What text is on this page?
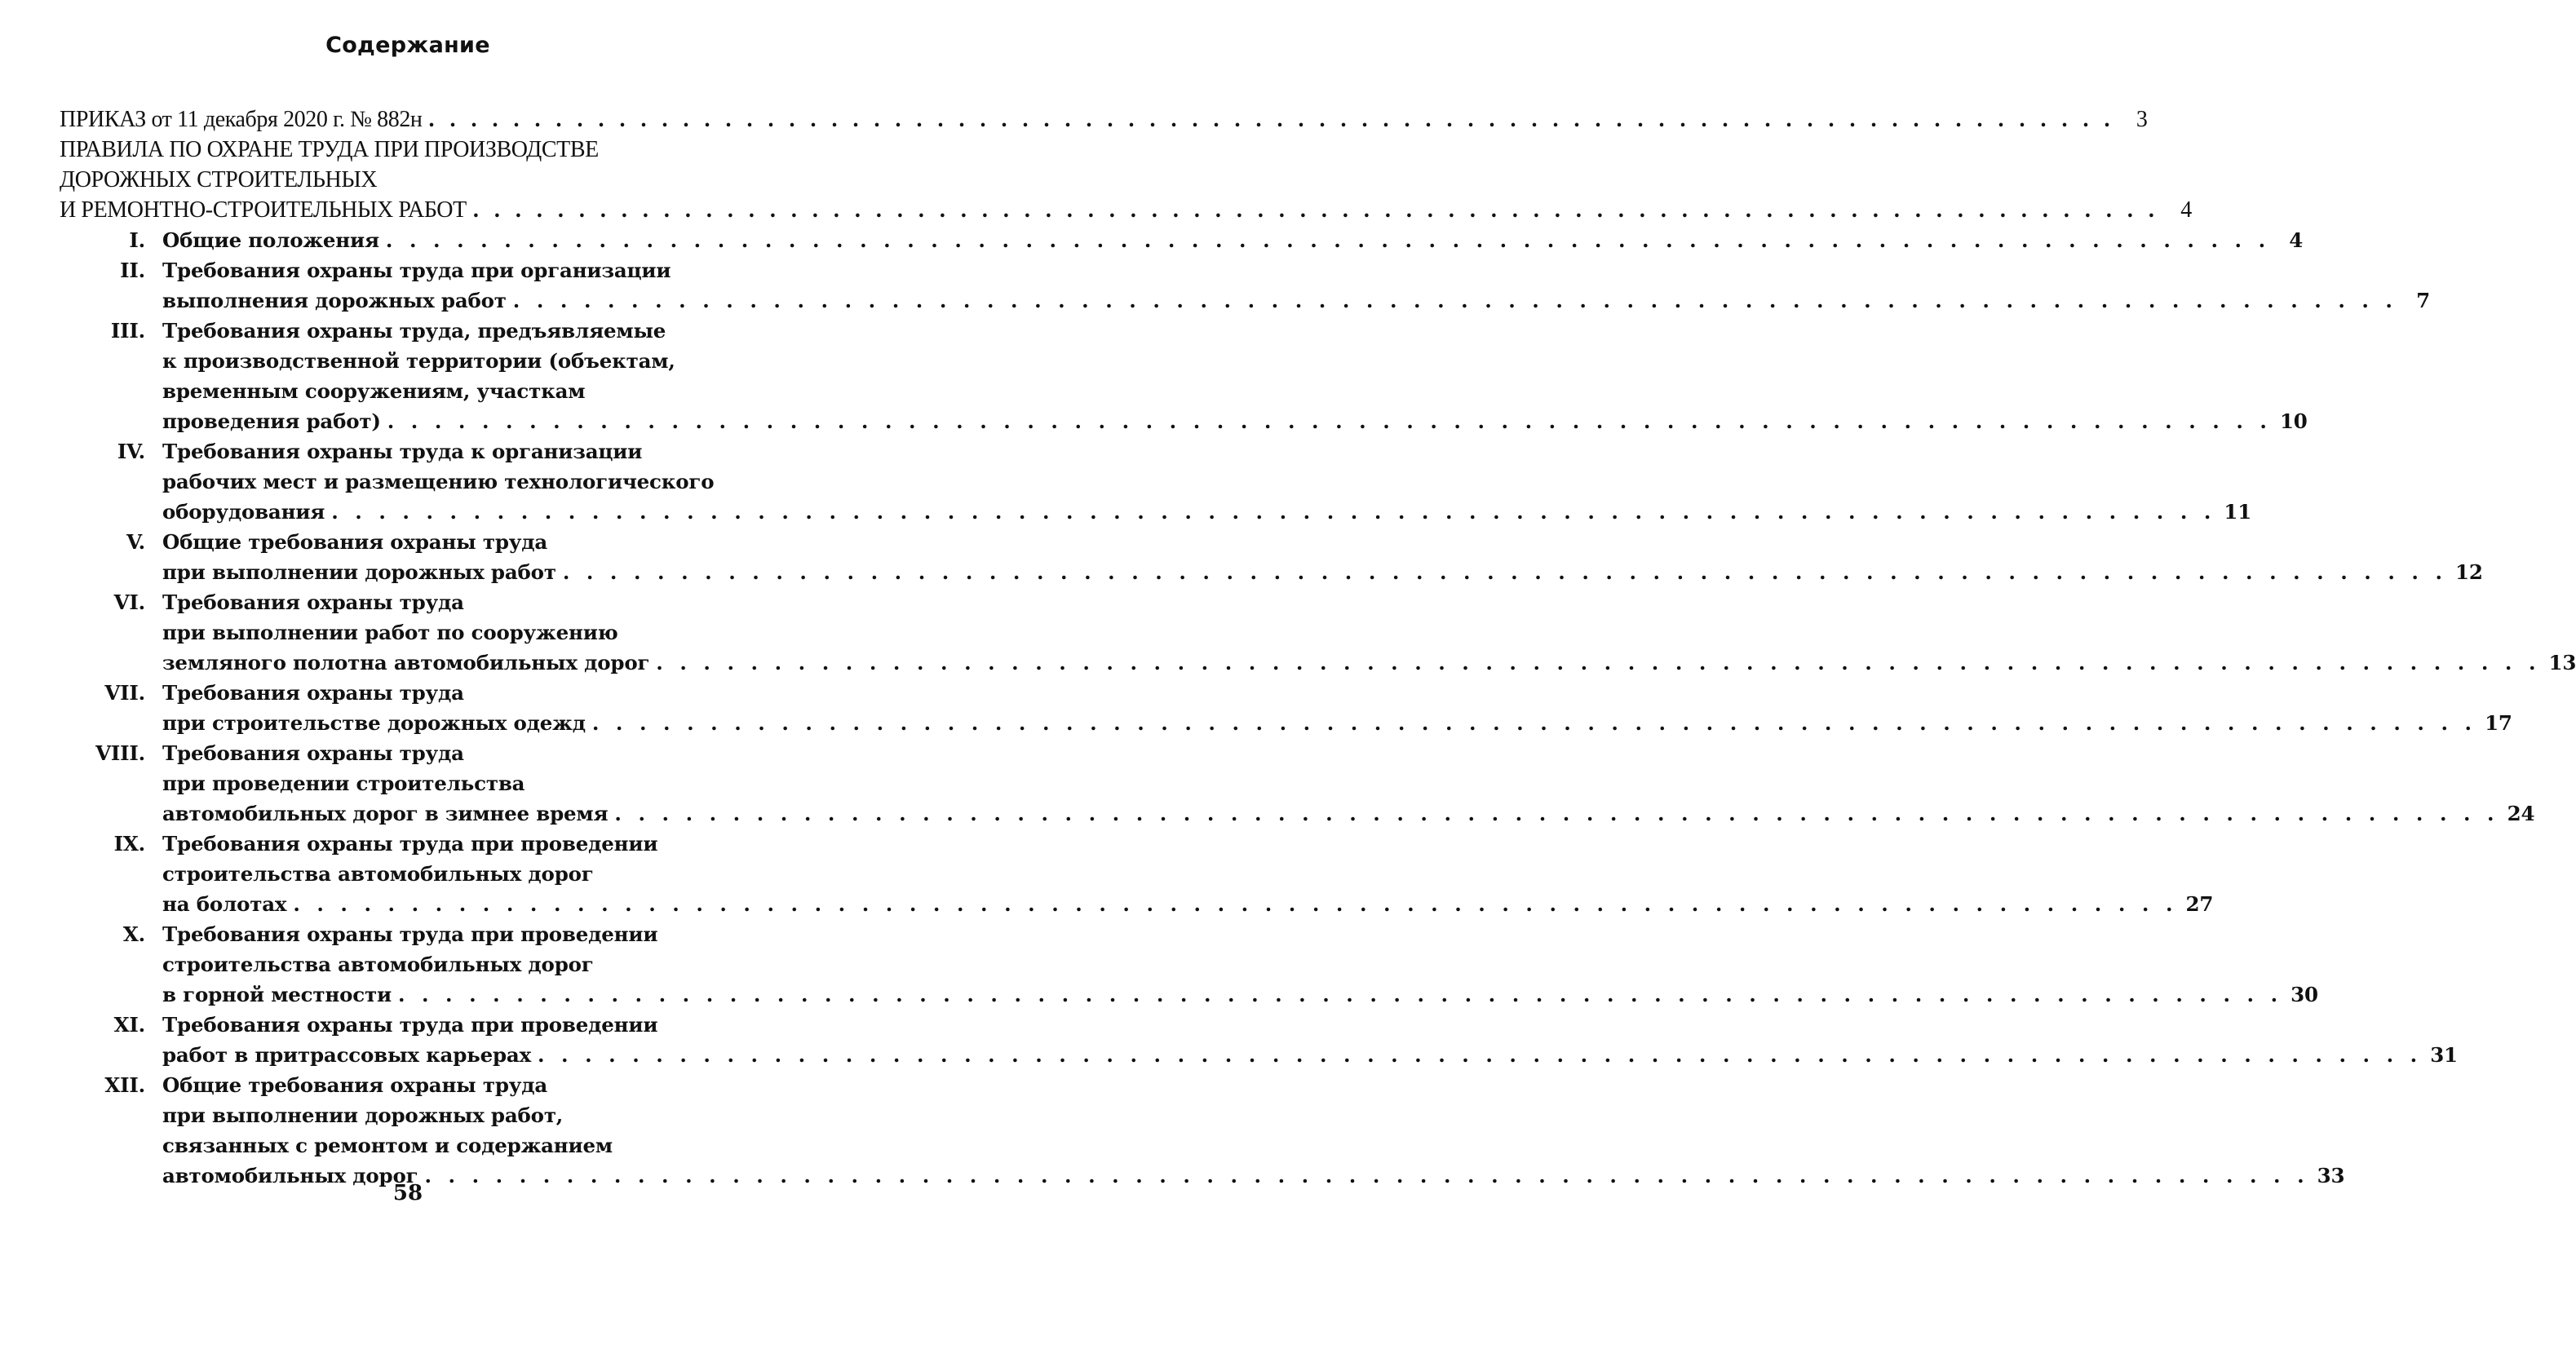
Содержание
ПРИКАЗ от 11 декабря 2020 г. № 882н . . . . . . . . . . . . . . . . . . . . . . . . . . . . . . . . . . . . . . . . . . . . . . . . . . . . . . . . . . . . . . . . . . . . . . . . . . . . . . . . 3
ПРАВИЛА ПО ОХРАНЕ ТРУДА ПРИ ПРОИЗВОДСТВЕ
ДОРОЖНЫХ СТРОИТЕЛЬНЫХ
И РЕМОНТНО-СТРОИТЕЛЬНЫХ РАБОТ . . . . . . . . . . . . . . . . . . . . . . . . . . . . . . . . . . . . . . . . . . . . . . . . . . . . . . . . . . . . . . . . . . . . . . . . . . . . . . . . 4
I. Общие положения . . . . . . . . . . . . . . . . . . . . . . . . . . . . . . . . . . . . . . . . . . . . . . . . . . . . . . . . . . . . . . . . . . . . . . . . . . . . . . . . 4
II. Требования охраны труда при организации
выполнения дорожных работ . . . . . . . . . . . . . . . . . . . . . . . . . . . . . . . . . . . . . . . . . . . . . . . . . . . . . . . . . . . . . . . . . . . . . . . . . . . . . . . . 7
III. Требования охраны труда, предъявляемые
к производственной территории (объектам,
временным сооружениям, участкам
проведения работ) . . . . . . . . . . . . . . . . . . . . . . . . . . . . . . . . . . . . . . . . . . . . . . . . . . . . . . . . . . . . . . . . . . . . . . . . . . . . . . . . 10
IV. Требования охраны труда к организации
рабочих мест и размещению технологического
оборудования . . . . . . . . . . . . . . . . . . . . . . . . . . . . . . . . . . . . . . . . . . . . . . . . . . . . . . . . . . . . . . . . . . . . . . . . . . . . . . . . 11
V. Общие требования охраны труда
при выполнении дорожных работ . . . . . . . . . . . . . . . . . . . . . . . . . . . . . . . . . . . . . . . . . . . . . . . . . . . . . . . . . . . . . . . . . . . . . . . . . . . . . . . . 12
VI. Требования охраны труда
при выполнении работ по сооружению
земляного полотна автомобильных дорог . . . . . . . . . . . . . . . . . . . . . . . . . . . . . . . . . . . . . . . . . . . . . . . . . . . . . . . . . . . . . . . . . . . . . . . . . . . . . . . . 13
VII. Требования охраны труда
при строительстве дорожных одежд . . . . . . . . . . . . . . . . . . . . . . . . . . . . . . . . . . . . . . . . . . . . . . . . . . . . . . . . . . . . . . . . . . . . . . . . . . . . . . . . 17
VIII. Требования охраны труда
при проведении строительства
автомобильных дорог в зимнее время . . . . . . . . . . . . . . . . . . . . . . . . . . . . . . . . . . . . . . . . . . . . . . . . . . . . . . . . . . . . . . . . . . . . . . . . . . . . . . . . 24
IX. Требования охраны труда при проведении
строительства автомобильных дорог
на болотах . . . . . . . . . . . . . . . . . . . . . . . . . . . . . . . . . . . . . . . . . . . . . . . . . . . . . . . . . . . . . . . . . . . . . . . . . . . . . . . . 27
X. Требования охраны труда при проведении
строительства автомобильных дорог
в горной местности . . . . . . . . . . . . . . . . . . . . . . . . . . . . . . . . . . . . . . . . . . . . . . . . . . . . . . . . . . . . . . . . . . . . . . . . . . . . . . . . 30
XI. Требования охраны труда при проведении
работ в притрассовых карьерах . . . . . . . . . . . . . . . . . . . . . . . . . . . . . . . . . . . . . . . . . . . . . . . . . . . . . . . . . . . . . . . . . . . . . . . . . . . . . . . . 31
XII. Общие требования охраны труда
при выполнении дорожных работ,
связанных с ремонтом и содержанием
автомобильных дорог . . . . . . . . . . . . . . . . . . . . . . . . . . . . . . . . . . . . . . . . . . . . . . . . . . . . . . . . . . . . . . . . . . . . . . . . . . . . . . . . 33
58
